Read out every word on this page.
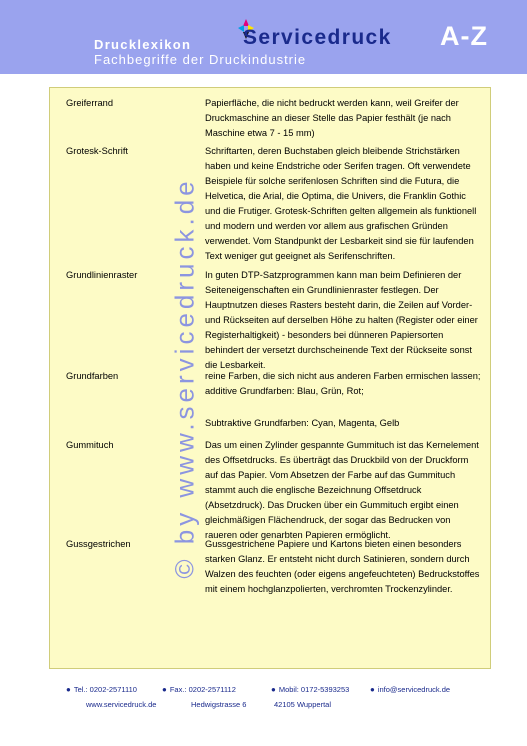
Drucklexikon
Fachbegriffe der Druckindustrie
Servicedruck A-Z
© by www.servicedruck.de
Greiferrand	Papierfläche, die nicht bedruckt werden kann, weil Greifer der Druckmaschine an dieser Stelle das Papier festhält (je nach Maschine etwa 7 - 15 mm)
Grotesk-Schrift	Schriftarten, deren Buchstaben gleich bleibende Strichstärken haben und keine Endstriche oder Serifen tragen. Oft verwendete Beispiele für solche serifenlosen Schriften sind die Futura, die Helvetica, die Arial, die Optima, die Univers, die Franklin Gothic und die Frutiger. Grotesk-Schriften gelten allgemein als funktionell und modern und werden vor allem aus grafischen Gründen verwendet. Vom Standpunkt der Lesbarkeit sind sie für laufenden Text weniger gut geeignet als Serifenschriften.
Grundlinienraster	In guten DTP-Satzprogrammen kann man beim Definieren der Seiteneigenschaften ein Grundlinienraster festlegen. Der Hauptnutzen dieses Rasters besteht darin, die Zeilen auf Vorder- und Rückseiten auf derselben Höhe zu halten (Register oder einer Registerhaltigkeit) - besonders bei dünneren Papiersorten behindert der versetzt durchscheinende Text der Rückseite sonst die Lesbarkeit.
Grundfarben	reine Farben, die sich nicht aus anderen Farben ermischen lassen; additive Grundfarben: Blau, Grün, Rot;
Subtraktive Grundfarben: Cyan, Magenta, Gelb
Gummituch	Das um einen Zylinder gespannte Gummituch ist das Kernelement des Offsetdrucks. Es überträgt das Druckbild von der Druckform auf das Papier. Vom Absetzen der Farbe auf das Gummituch stammt auch die englische Bezeichnung Offsetdruck (Absetzdruck). Das Drucken über ein Gummituch ergibt einen gleichmäßigen Flächendruck, der sogar das Bedrucken von raueren oder genarbten Papieren ermöglicht.
Gussgestrichen	Gussgestrichene Papiere und Kartons bieten einen besonders starken Glanz. Er entsteht nicht durch Satinieren, sondern durch Walzen des feuchten (oder eigens angefeuchteten) Bedruckstoffes mit einem hochglanzpolierten, verchromten Trockenzylinder.
● Tel.: 0202-2571110	● Fax.: 0202-2571112	● Mobil: 0172-5393253	● info@servicedruck.de
www.servicedruck.de	Hedwigstrasse 6	42105 Wuppertal
